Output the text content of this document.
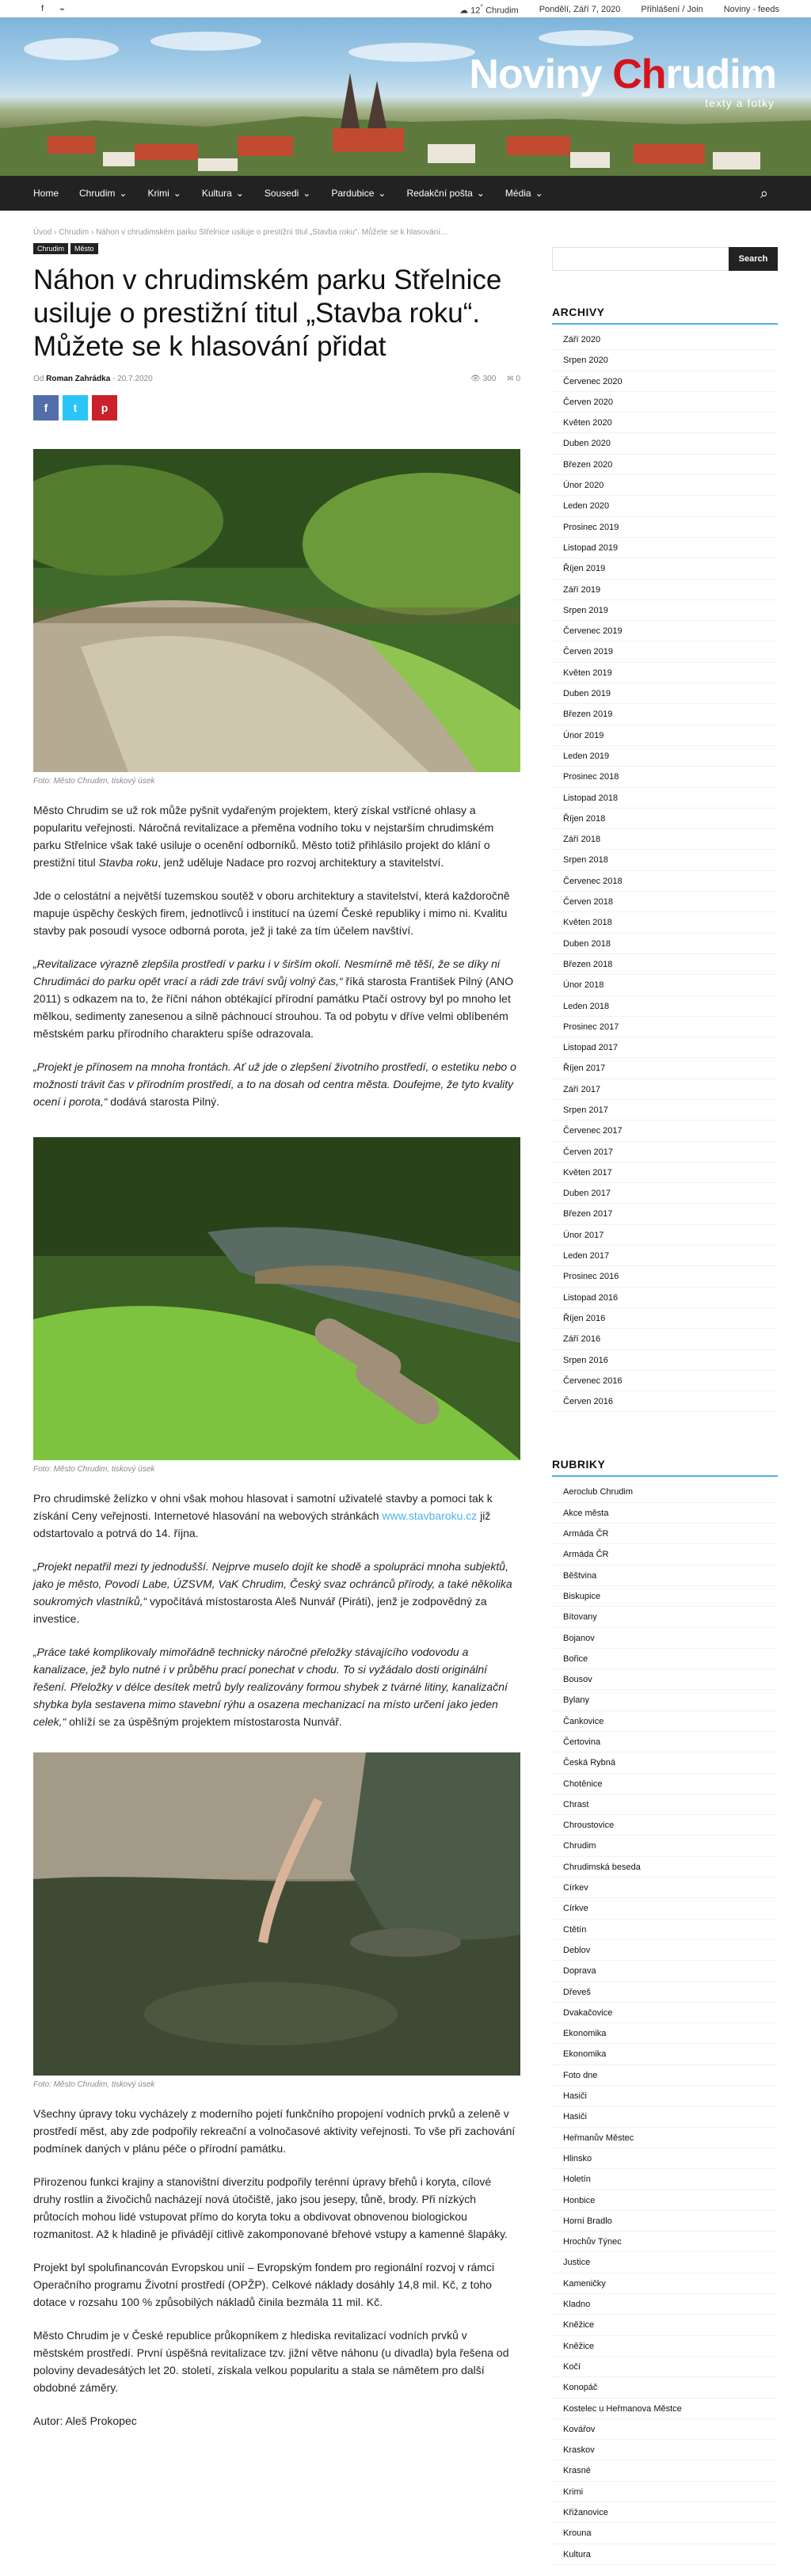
f ⌁	☁ 12° Chrudim Pondělí, Září 7, 2020 Přihlášení / Join Noviny - feeds
Noviny Chrudim
texty a fotky
Home Chrudim ⌄ Krimi ⌄ Kultura ⌄ Sousedi ⌄ Pardubice ⌄ Redakční pošta ⌄ Média ⌄	⌕
Úvod › Chrudim › Náhon v chrudimském parku Střelnice usiluje o prestižní titul „Stavba roku“. Můžete se k hlasování...
Chrudim	Město
Náhon v chrudimském parku Střelnice usiluje o prestižní titul „Stavba roku“. Můžete se k hlasování přidat
Od
Roman Zahrádka - 20.7.2020	👁 300 ✉ 0
f	t	p
Foto: Město Chrudim, tiskový úsek

Město Chrudim se už rok může pyšnit vydařeným projektem, který získal vstřícné ohlasy a popularitu veřejnosti. Náročná revitalizace a přeměna vodního toku v nejstarším chrudimském parku Střelnice však také usiluje o ocenění odborníků. Město totiž přihlásilo projekt do klání o prestižní titul Stavba roku, jenž uděluje Nadace pro rozvoj architektury a stavitelství.

Jde o celostátní a největší tuzemskou soutěž v oboru architektury a stavitelství, která každoročně mapuje úspěchy českých firem, jednotlivců i institucí na území České republiky i mimo ni. Kvalitu stavby pak posoudí vysoce odborná porota, jež ji také za tím účelem navštíví.

„Revitalizace výrazně zlepšila prostředí v parku i v širším okolí. Nesmírně mě těší, že se díky ni Chrudimáci do parku opět vrací a rádi zde tráví svůj volný čas,“ říká starosta František Pilný (ANO 2011) s odkazem na to, že říční náhon obtékající přírodní památku Ptačí ostrovy byl po mnoho let mělkou, sedimenty zanesenou a silně páchnoucí strouhou. Ta od pobytu v dříve velmi oblíbeném městském parku přírodního charakteru spíše odrazovala.

„Projekt je přínosem na mnoha frontách. Ať už jde o zlepšení životního prostředí, o estetiku nebo o možnosti trávit čas v přírodním prostředí, a to na dosah od centra města. Doufejme, že tyto kvality ocení i porota,“ dodává starosta Pilný.

Foto: Město Chrudim, tiskový úsek

Pro chrudimské želízko v ohni však mohou hlasovat i samotní uživatelé stavby a pomoci tak k získání Ceny veřejnosti. Internetové hlasování na webových stránkách www.stavbaroku.cz již odstartovalo a potrvá do 14. října.

„Projekt nepatřil mezi ty jednodušší. Nejprve muselo dojít ke shodě a spolupráci mnoha subjektů, jako je město, Povodí Labe, ÚZSVM, VaK Chrudim, Český svaz ochránců přírody, a také několika soukromých vlastníků,“ vypočítává místostarosta Aleš Nunvář (Piráti), jenž je zodpovědný za investice.

„Práce také komplikovaly mimořádně technicky náročné přeložky stávajícího vodovodu a kanalizace, jež bylo nutné i v průběhu prací ponechat v chodu. To si vyžádalo dosti originální řešení. Přeložky v délce desítek metrů byly realizovány formou shybek z tvárné litiny, kanalizační shybka byla sestavena mimo stavební rýhu a osazena mechanizací na místo určení jako jeden celek,“ ohlíží se za úspěšným projektem místostarosta Nunvář.

Foto: Město Chrudim, tiskový úsek

Všechny úpravy toku vycházely z moderního pojetí funkčního propojení vodních prvků a zeleně v prostředí měst, aby zde podpořily rekreační a volnočasové aktivity veřejnosti. To vše při zachování podmínek daných v plánu péče o přírodní památku.

Přirozenou funkci krajiny a stanovištní diverzitu podpořily terénní úpravy břehů i koryta, cílové druhy rostlin a živočichů nacházejí nová útočiště, jako jsou jesepy, tůně, brody. Při nízkých průtocích mohou lidé vstupovat přímo do koryta toku a obdivovat obnovenou biologickou rozmanitost. Až k hladině je přivádějí citlivě zakomponované břehové vstupy a kamenné šlapáky.

Projekt byl spolufinancován Evropskou unií – Evropským fondem pro regionální rozvoj v rámci Operačního programu Životní prostředí (OPŽP). Celkové náklady dosáhly 14,8 mil. Kč, z toho dotace v rozsahu 100 % způsobilých nákladů činila bezmála 11 mil. Kč.

Město Chrudim je v České republice průkopníkem z hlediska revitalizací vodních prvků v městském prostředí. První úspěšná revitalizace tzv. jižní větve náhonu (u divadla) byla řešena od poloviny devadesátých let 20. století, získala velkou popularitu a stala se námětem pro další obdobné záměry.

Autor: Aleš Prokopec

Search
ARCHIVY
Září 2020
Srpen 2020
Červenec 2020
Červen 2020
Květen 2020
Duben 2020
Březen 2020
Únor 2020
Leden 2020
Prosinec 2019
Listopad 2019
Říjen 2019
Září 2019
Srpen 2019
Červenec 2019
Červen 2019
Květen 2019
Duben 2019
Březen 2019
Únor 2019
Leden 2019
Prosinec 2018
Listopad 2018
Říjen 2018
Září 2018
Srpen 2018
Červenec 2018
Červen 2018
Květen 2018
Duben 2018
Březen 2018
Únor 2018
Leden 2018
Prosinec 2017
Listopad 2017
Říjen 2017
Září 2017
Srpen 2017
Červenec 2017
Červen 2017
Květen 2017
Duben 2017
Březen 2017
Únor 2017
Leden 2017
Prosinec 2016
Listopad 2016
Říjen 2016
Září 2016
Srpen 2016
Červenec 2016
Červen 2016
RUBRIKY
Aeroclub Chrudim
Akce města
Armáda ČR
Armáda ČR
Běštvina
Biskupice
Bítovany
Bojanov
Bořice
Bousov
Bylany
Čankovice
Čertovina
Česká Rybná
Chotěnice
Chrast
Chroustovice
Chrudim
Chrudimská beseda
Církev
Církve
Ctětín
Deblov
Doprava
Dřeveš
Dvakačovice
Ekonomika
Ekonomika
Foto dne
Hasiči
Hasiči
Heřmanův Městec
Hlinsko
Holetín
Honbice
Horní Bradlo
Hrochův Týnec
Justice
Kameničky
Kladno
Kněžice
Kněžice
Kočí
Konopáč
Kostelec u Heřmanova Městce
Kovářov
Kraskov
Krasné
Krimi
Křižanovice
Krouna
Kultura
